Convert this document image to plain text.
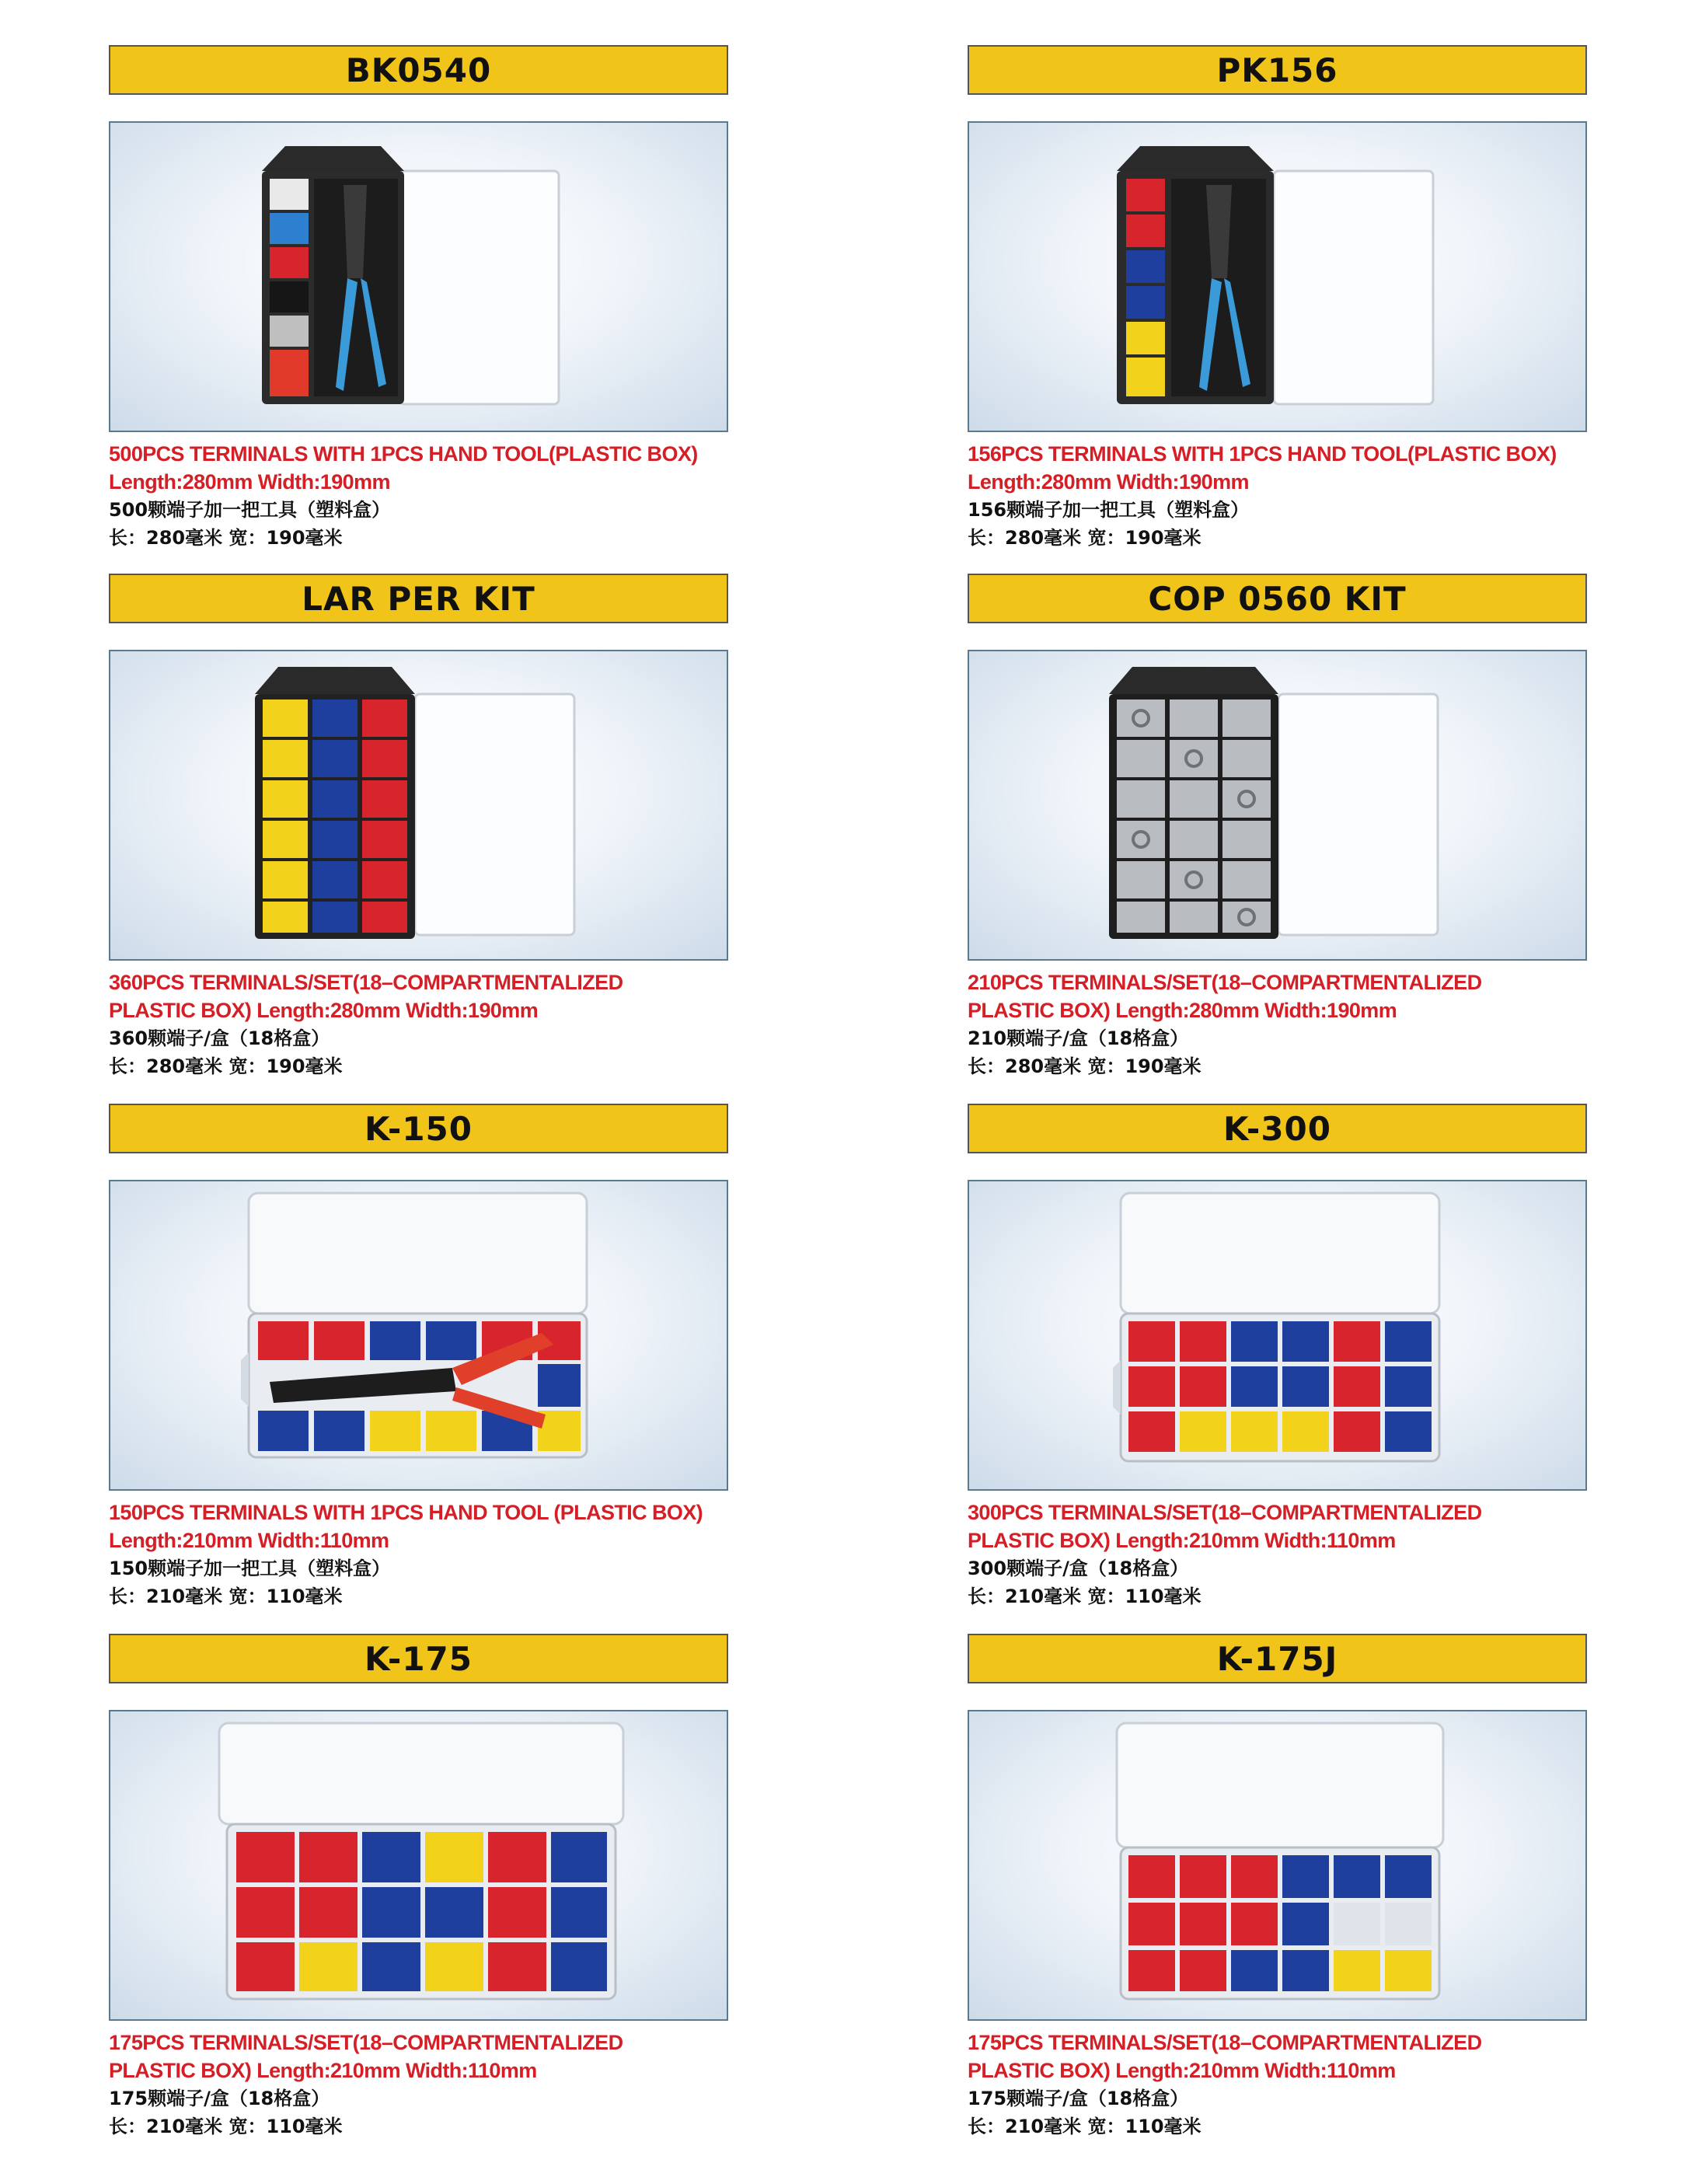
BK0540
500PCS TERMINALS WITH 1PCS HAND TOOL(PLASTIC BOX)
Length:280mm Width:190mm
500颗端子加一把工具（塑料盒）
长：280毫米 宽：190毫米
PK156
156PCS TERMINALS WITH 1PCS HAND TOOL(PLASTIC BOX)
Length:280mm Width:190mm
156颗端子加一把工具（塑料盒）
长：280毫米 宽：190毫米
LAR PER KIT
360PCS TERMINALS/SET(18–COMPARTMENTALIZED
PLASTIC BOX) Length:280mm Width:190mm
360颗端子/盒（18格盒）
长：280毫米 宽：190毫米
COP 0560 KIT
210PCS TERMINALS/SET(18–COMPARTMENTALIZED
PLASTIC BOX) Length:280mm Width:190mm
210颗端子/盒（18格盒）
长：280毫米 宽：190毫米
K-150
150PCS TERMINALS WITH 1PCS HAND TOOL (PLASTIC BOX)
Length:210mm Width:110mm
150颗端子加一把工具（塑料盒）
长：210毫米 宽：110毫米
K-300
300PCS TERMINALS/SET(18–COMPARTMENTALIZED
PLASTIC BOX) Length:210mm Width:110mm
300颗端子/盒（18格盒）
长：210毫米 宽：110毫米
K-175
175PCS TERMINALS/SET(18–COMPARTMENTALIZED
PLASTIC BOX) Length:210mm Width:110mm
175颗端子/盒（18格盒）
长：210毫米 宽：110毫米
K-175J
175PCS TERMINALS/SET(18–COMPARTMENTALIZED
PLASTIC BOX) Length:210mm Width:110mm
175颗端子/盒（18格盒）
长：210毫米 宽：110毫米
